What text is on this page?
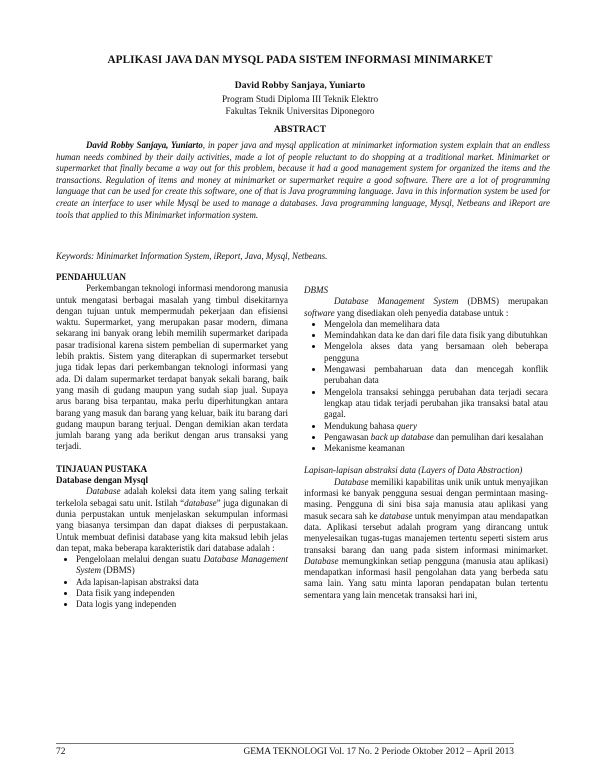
APLIKASI JAVA DAN MYSQL PADA SISTEM INFORMASI MINIMARKET
David Robby Sanjaya, Yuniarto
Program Studi Diploma III Teknik Elektro
Fakultas Teknik Universitas Diponegoro
ABSTRACT
David Robby Sanjaya, Yuniarto, in paper java and mysql application at minimarket information system explain that an endless human needs combined by their daily activities, made a lot of people reluctant to do shopping at a traditional market. Minimarket or supermarket that finally became a way out for this problem, because it had a good management system for organized the items and the transactions. Regulation of items and money at minimarket or supermarket require a good software. There are a lot of programming language that can be used for create this software, one of that is Java programming language. Java in this information system be used for create an interface to user while Mysql be used to manage a databases. Java programming language, Mysql, Netbeans and iReport are tools that applied to this Minimarket information system.
Keywords: Minimarket Information System, iReport, Java, Mysql, Netbeans.
PENDAHULUAN

Perkembangan teknologi informasi mendorong manusia untuk mengatasi berbagai masalah yang timbul disekitarnya dengan tujuan untuk mempermudah pekerjaan dan efisiensi waktu. Supermarket, yang merupakan pasar modern, dimana sekarang ini banyak orang lebih memilih supermarket daripada pasar tradisional karena sistem pembelian di supermarket yang lebih praktis. Sistem yang diterapkan di supermarket tersebut juga tidak lepas dari perkembangan teknologi informasi yang ada. Di dalam supermarket terdapat banyak sekali barang, baik yang masih di gudang maupun yang sudah siap jual. Supaya arus barang bisa terpantau, maka perlu diperhitungkan antara barang yang masuk dan barang yang keluar, baik itu barang dari gudang maupun barang terjual. Dengan demikian akan terdata jumlah barang yang ada berikut dengan arus transaksi yang terjadi.

TINJAUAN PUSTAKA
Database dengan Mysql

Database adalah koleksi data item yang saling terkait terkelola sebagai satu unit. Istilah “database” juga digunakan di dunia perpustakan untuk menjelaskan sekumpulan informasi yang biasanya tersimpan dan dapat diakses di perpustakaan. Untuk membuat definisi database yang kita maksud lebih jelas dan tepat, maka beberapa karakteristik dari database adalah :

• Pengelolaan melalui dengan suatu Database Management System (DBMS)
• Ada lapisan-lapisan abstraksi data
• Data fisik yang independen
• Data logis yang independen
DBMS

Database Management System (DBMS) merupakan software yang disediakan oleh penyedia database untuk :

• Mengelola dan memelihara data
• Memindahkan data ke dan dari file data fisik yang dibutuhkan
• Mengelola akses data yang bersamaan oleh beberapa pengguna
• Mengawasi pembaharuan data dan mencegah konflik perubahan data
• Mengelola transaksi sehingga perubahan data terjadi secara lengkap atau tidak terjadi perubahan jika transaksi batal atau gagal.
• Mendukung bahasa query
• Pengawasan back up database dan pemulihan dari kesalahan
• Mekanisme keamanan
Lapisan-lapisan abstraksi data (Layers of Data Abstraction)

Database memiliki kapabilitas unik unik untuk menyajikan informasi ke banyak pengguna sesuai dengan permintaan masing-masing. Pengguna di sini bisa saja manusia atau aplikasi yang masuk secara sah ke database untuk menyimpan atau mendapatkan data. Aplikasi tersebut adalah program yang dirancang untuk menyelesaikan tugas-tugas manajemen tertentu seperti sistem arus transaksi barang dan uang pada sistem informasi minimarket. Database memungkinkan setiap pengguna (manusia atau aplikasi) mendapatkan informasi hasil pengolahan data yang berbeda satu sama lain. Yang satu minta laporan pendapatan bulan tertentu sementara yang lain mencetak transaksi hari ini,

72	GEMA TEKNOLOGI Vol. 17 No. 2 Periode Oktober 2012 – April 2013
